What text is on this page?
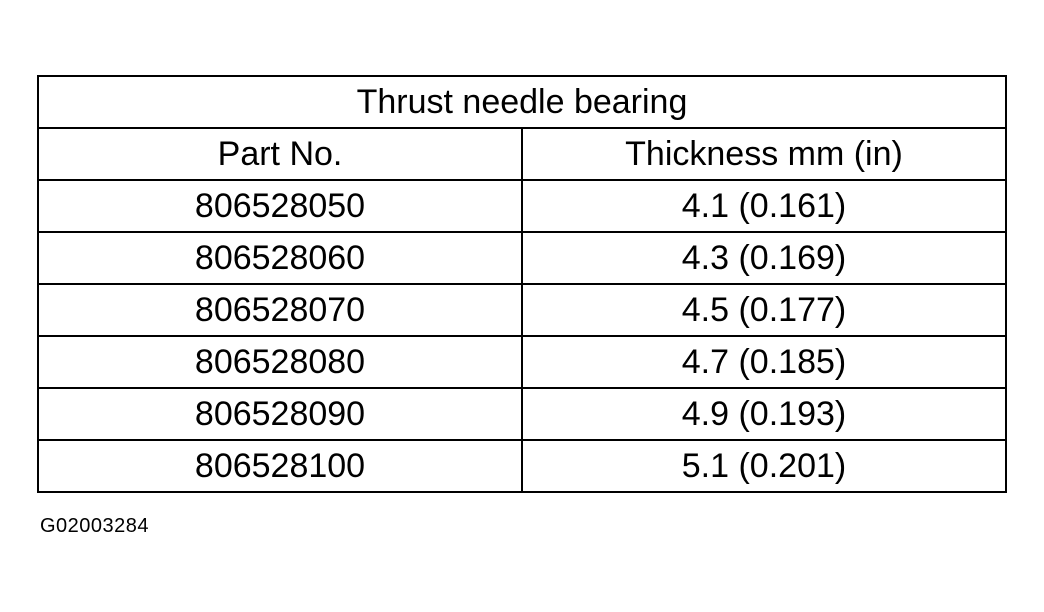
Thrust needle bearing	
Part No.	Thickness mm (in)
806528050	4.1 (0.161)
806528060	4.3 (0.169)
806528070	4.5 (0.177)
806528080	4.7 (0.185)
806528090	4.9 (0.193)
806528100	5.1 (0.201)
G02003284
